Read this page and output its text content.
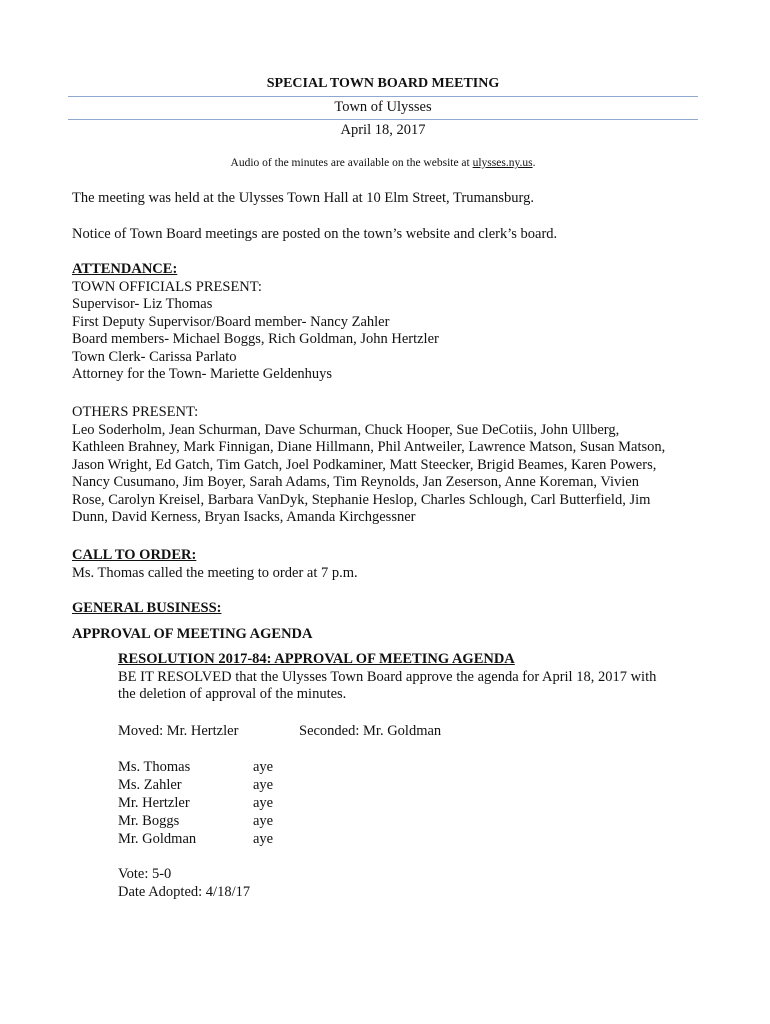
SPECIAL TOWN BOARD MEETING
Town of Ulysses
April 18, 2017
Audio of the minutes are available on the website at ulysses.ny.us.
The meeting was held at the Ulysses Town Hall at 10 Elm Street, Trumansburg.
Notice of Town Board meetings are posted on the town’s website and clerk’s board.
ATTENDANCE:
TOWN OFFICIALS PRESENT:
Supervisor- Liz Thomas
First Deputy Supervisor/Board member- Nancy Zahler
Board members- Michael Boggs, Rich Goldman, John Hertzler
Town Clerk- Carissa Parlato
Attorney for the Town- Mariette Geldenhuys
OTHERS PRESENT:
Leo Soderholm, Jean Schurman, Dave Schurman, Chuck Hooper, Sue DeCotiis, John Ullberg,
Kathleen Brahney, Mark Finnigan, Diane Hillmann, Phil Antweiler, Lawrence Matson, Susan Matson,
Jason Wright, Ed Gatch, Tim Gatch, Joel Podkaminer, Matt Steecker, Brigid Beames, Karen Powers,
Nancy Cusumano, Jim Boyer, Sarah Adams, Tim Reynolds, Jan Zeserson, Anne Koreman, Vivien
Rose, Carolyn Kreisel, Barbara VanDyk, Stephanie Heslop, Charles Schlough, Carl Butterfield, Jim
Dunn, David Kerness, Bryan Isacks, Amanda Kirchgessner
CALL TO ORDER:
Ms. Thomas called the meeting to order at 7 p.m.
GENERAL BUSINESS:
APPROVAL OF MEETING AGENDA
RESOLUTION 2017-84: APPROVAL OF MEETING AGENDA
BE IT RESOLVED that the Ulysses Town Board approve the agenda for April 18, 2017 with
the deletion of approval of the minutes.
Moved: Mr. Hertzler	Seconded: Mr. Goldman
Ms. Thomas	aye
Ms. Zahler	aye
Mr. Hertzler	aye
Mr. Boggs	aye
Mr. Goldman	aye
Vote: 5-0
Date Adopted: 4/18/17
